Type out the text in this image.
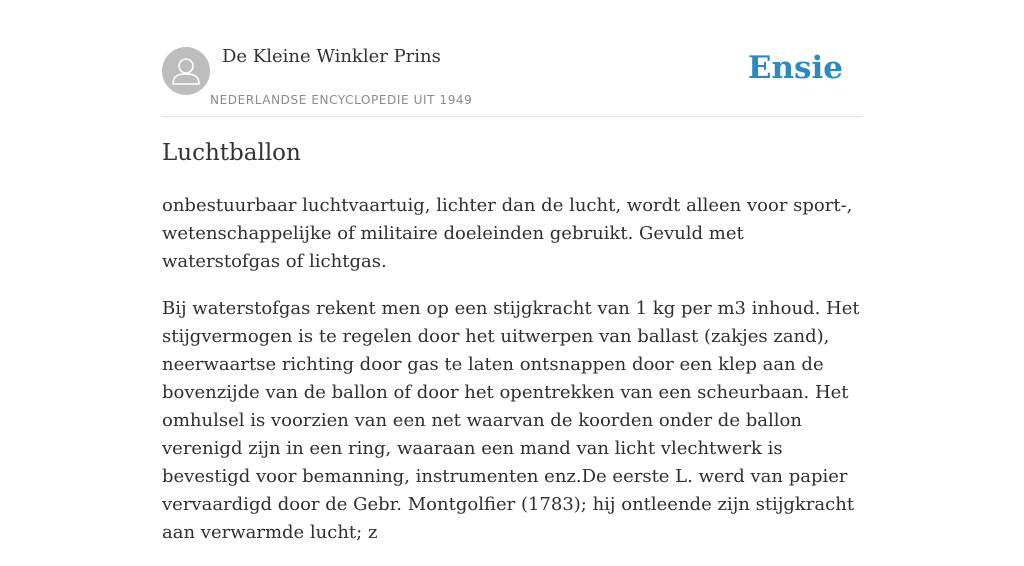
De Kleine Winkler Prins
NEDERLANDSE ENCYCLOPEDIE UIT 1949
Ensie
Luchtballon

onbestuurbaar luchtvaartuig, lichter dan de lucht, wordt alleen voor sport-, wetenschappelijke of militaire doeleinden gebruikt. Gevuld met waterstofgas of lichtgas.

Bij waterstofgas rekent men op een stijgkracht van 1 kg per m3 inhoud. Het stijgvermogen is te regelen door het uitwerpen van ballast (zakjes zand), neerwaartse richting door gas te laten ontsnappen door een klep aan de bovenzijde van de ballon of door het opentrekken van een scheurbaan. Het omhulsel is voorzien van een net waarvan de koorden onder de ballon verenigd zijn in een ring, waaraan een mand van licht vlechtwerk is bevestigd voor bemanning, instrumenten enz.De eerste L. werd van papier vervaardigd door de Gebr. Montgolfier (1783); hij ontleende zijn stijgkracht aan verwarmde lucht; z
